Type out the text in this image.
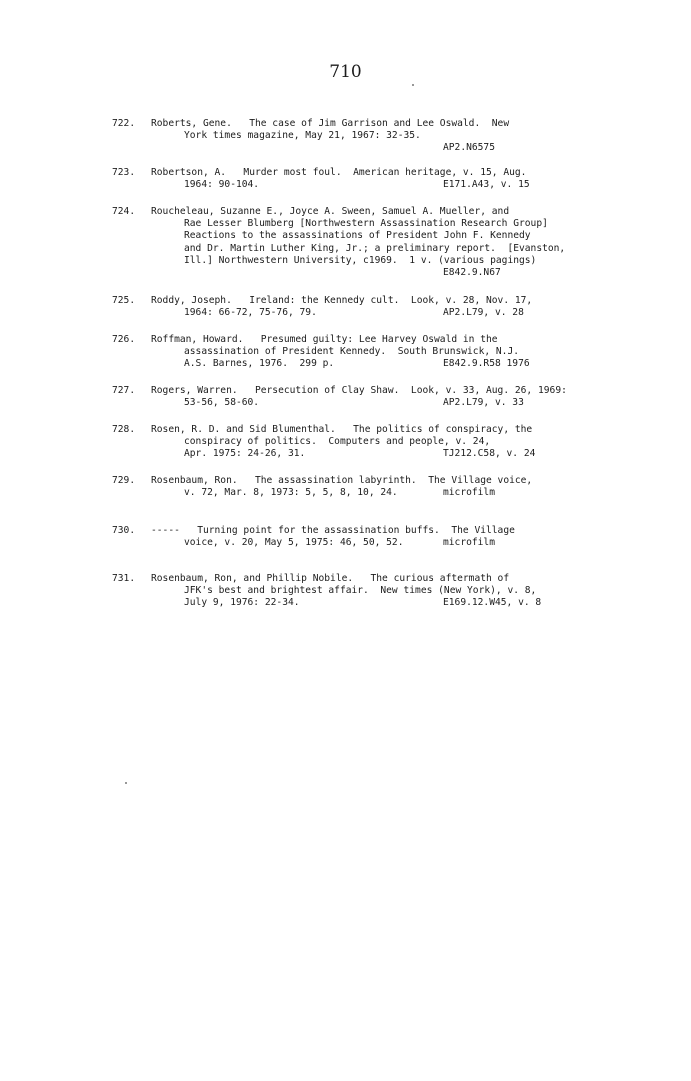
710
722.	Roberts, Gene.   The case of Jim Garrison and Lee Oswald.  New
York times magazine, May 21, 1967: 32-35.
AP2.N6575
723.	Robertson, A.   Murder most foul.  American heritage, v. 15, Aug.
1964: 90-104.	E171.A43, v. 15
724.	Roucheleau, Suzanne E., Joyce A. Sween, Samuel A. Mueller, and
Rae Lesser Blumberg [Northwestern Assassination Research Group]
Reactions to the assassinations of President John F. Kennedy
and Dr. Martin Luther King, Jr.; a preliminary report.  [Evanston,
Ill.] Northwestern University, c1969.  1 v. (various pagings)
E842.9.N67
725.	Roddy, Joseph.   Ireland: the Kennedy cult.  Look, v. 28, Nov. 17,
1964: 66-72, 75-76, 79.	AP2.L79, v. 28
726.	Roffman, Howard.   Presumed guilty: Lee Harvey Oswald in the
assassination of President Kennedy.  South Brunswick, N.J.
A.S. Barnes, 1976.  299 p.	E842.9.R58 1976
727.	Rogers, Warren.   Persecution of Clay Shaw.  Look, v. 33, Aug. 26, 1969:
53-56, 58-60.	AP2.L79, v. 33
728.	Rosen, R. D. and Sid Blumenthal.   The politics of conspiracy, the
conspiracy of politics.  Computers and people, v. 24,
Apr. 1975: 24-26, 31.	TJ212.C58, v. 24
729.	Rosenbaum, Ron.   The assassination labyrinth.  The Village voice,
v. 72, Mar. 8, 1973: 5, 5, 8, 10, 24.	microfilm
730.	-----   Turning point for the assassination buffs.  The Village
voice, v. 20, May 5, 1975: 46, 50, 52.	microfilm
731.	Rosenbaum, Ron, and Phillip Nobile.   The curious aftermath of
JFK's best and brightest affair.  New times (New York), v. 8,
July 9, 1976: 22-34.	E169.12.W45, v. 8
